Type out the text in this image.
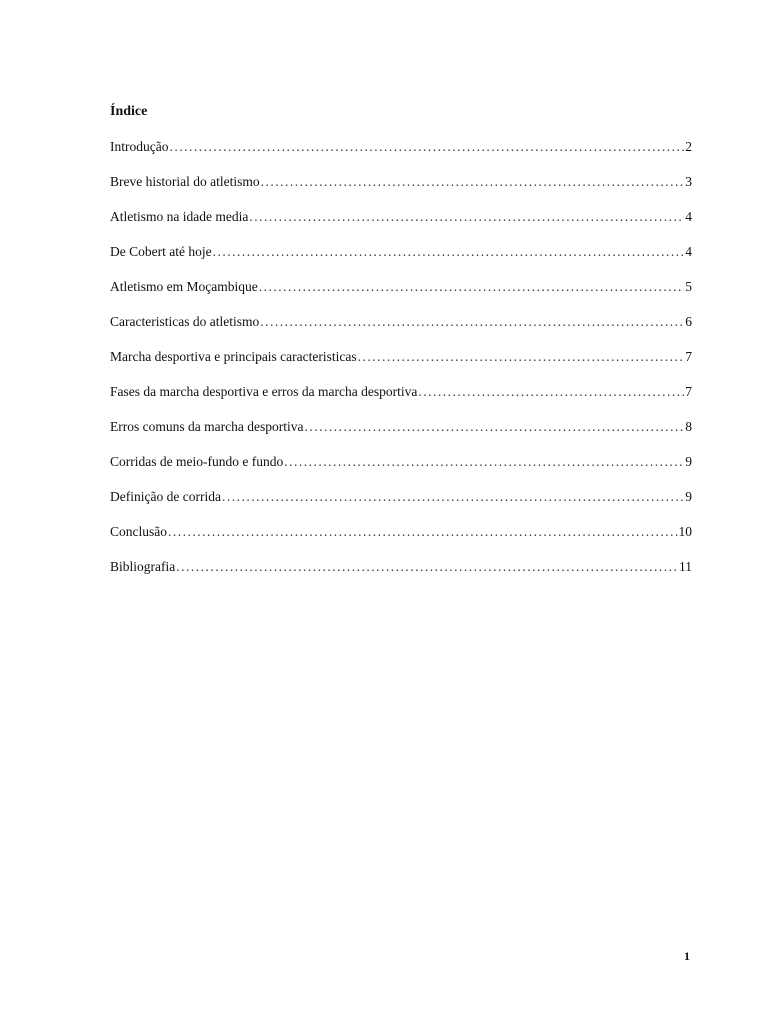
Índice
Introdução .....	2
Breve historial do atletismo .....	3
Atletismo na idade media .....	4
De Cobert até hoje .....	4
Atletismo em Moçambique .....	5
Caracteristicas do atletismo .....	6
Marcha desportiva e principais caracteristicas .....	7
Fases da marcha desportiva e erros da marcha desportiva .....	7
Erros comuns da marcha desportiva .....	8
Corridas de meio-fundo e fundo .....	9
Definição de corrida .....	9
Conclusão .....	10
Bibliografia .....	11
1
